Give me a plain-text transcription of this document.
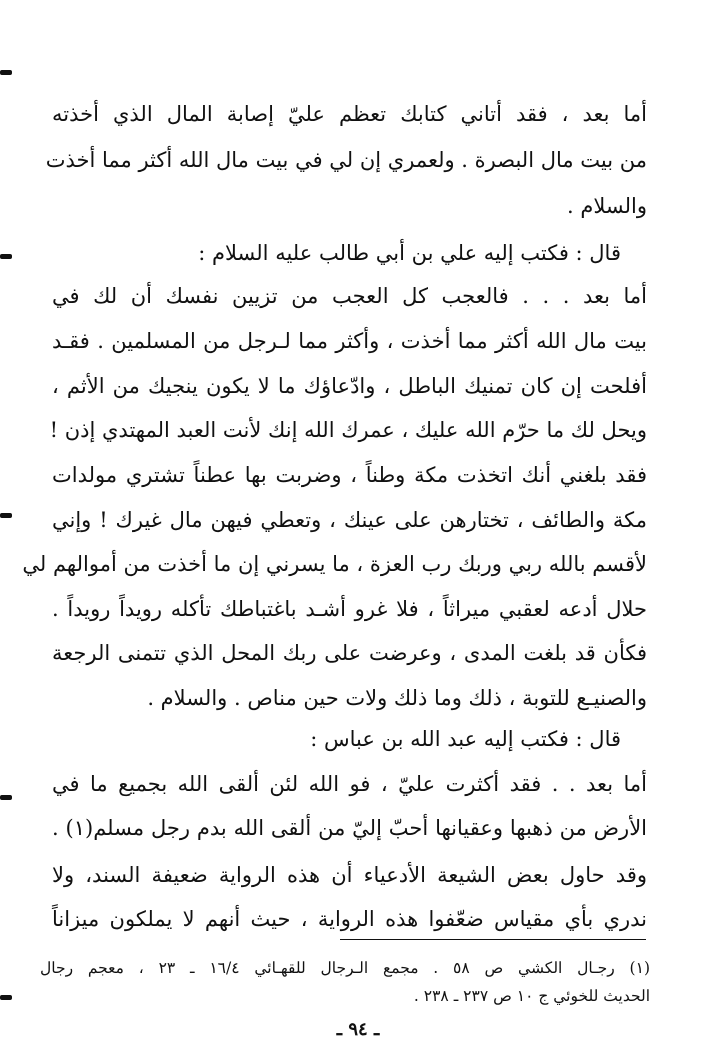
أما بعد ، فقد أتاني كتابك تعظم عليّ إصابة المال الذي أخذته
من بيت مال البصرة . ولعمري إن لي في بيت مال الله أكثر مما أخذت
والسلام .
قال : فكتب إليه علي بن أبي طالب عليه السلام :
أما بعد . . . فالعجب كل العجب من تزيين نفسك أن لك في
بيت مال الله أكثر مما أخذت ، وأكثر مما لـرجل من المسلمين . فقـد
أفلحت إن كان تمنيك الباطل ، وادّعاؤك ما لا يكون ينجيك من الأثم ،
ويحل لك ما حرّم الله عليك ، عمرك الله إنك لأنت العبد المهتدي إذن !
فقد بلغني أنك اتخذت مكة وطناً ، وضربت بها عطناً تشتري مولدات
مكة والطائف ، تختارهن على عينك ، وتعطي فيهن مال غيرك ! وإني
لأقسم بالله ربي وربك رب العزة ، ما يسرني إن ما أخذت من أموالهم لي
حلال أدعه لعقبي ميراثاً ، فلا غرو أشـد باغتباطك تأكله رويداً رويداً .
فكأن قد بلغت المدى ، وعرضت على ربك المحل الذي تتمنى الرجعة
والصنيـع للتوبة ، ذلك وما ذلك ولات حين مناص . والسلام .
قال : فكتب إليه عبد الله بن عباس :
أما بعد . . فقد أكثرت عليّ ، فو الله لئن ألقى الله بجميع ما في
الأرض من ذهبها وعقيانها أحبّ إليّ من ألقى الله بدم رجل مسلم(١) .
وقد حاول بعض الشيعة الأدعياء أن هذه الرواية ضعيفة السند، ولا
ندري بأي مقياس ضعّفوا هذه الرواية ، حيث أنهم لا يملكون ميزاناً
(١) رجـال الكشي ص ٥٨ . مجمع الـرجال للقهـائي ١٦/٤ ـ ٢٣ ، معجم رجال
الحديث للخوئي ج ١٠ ص ٢٣٧ ـ ٢٣٨ .
ـ ٩٤ ـ
